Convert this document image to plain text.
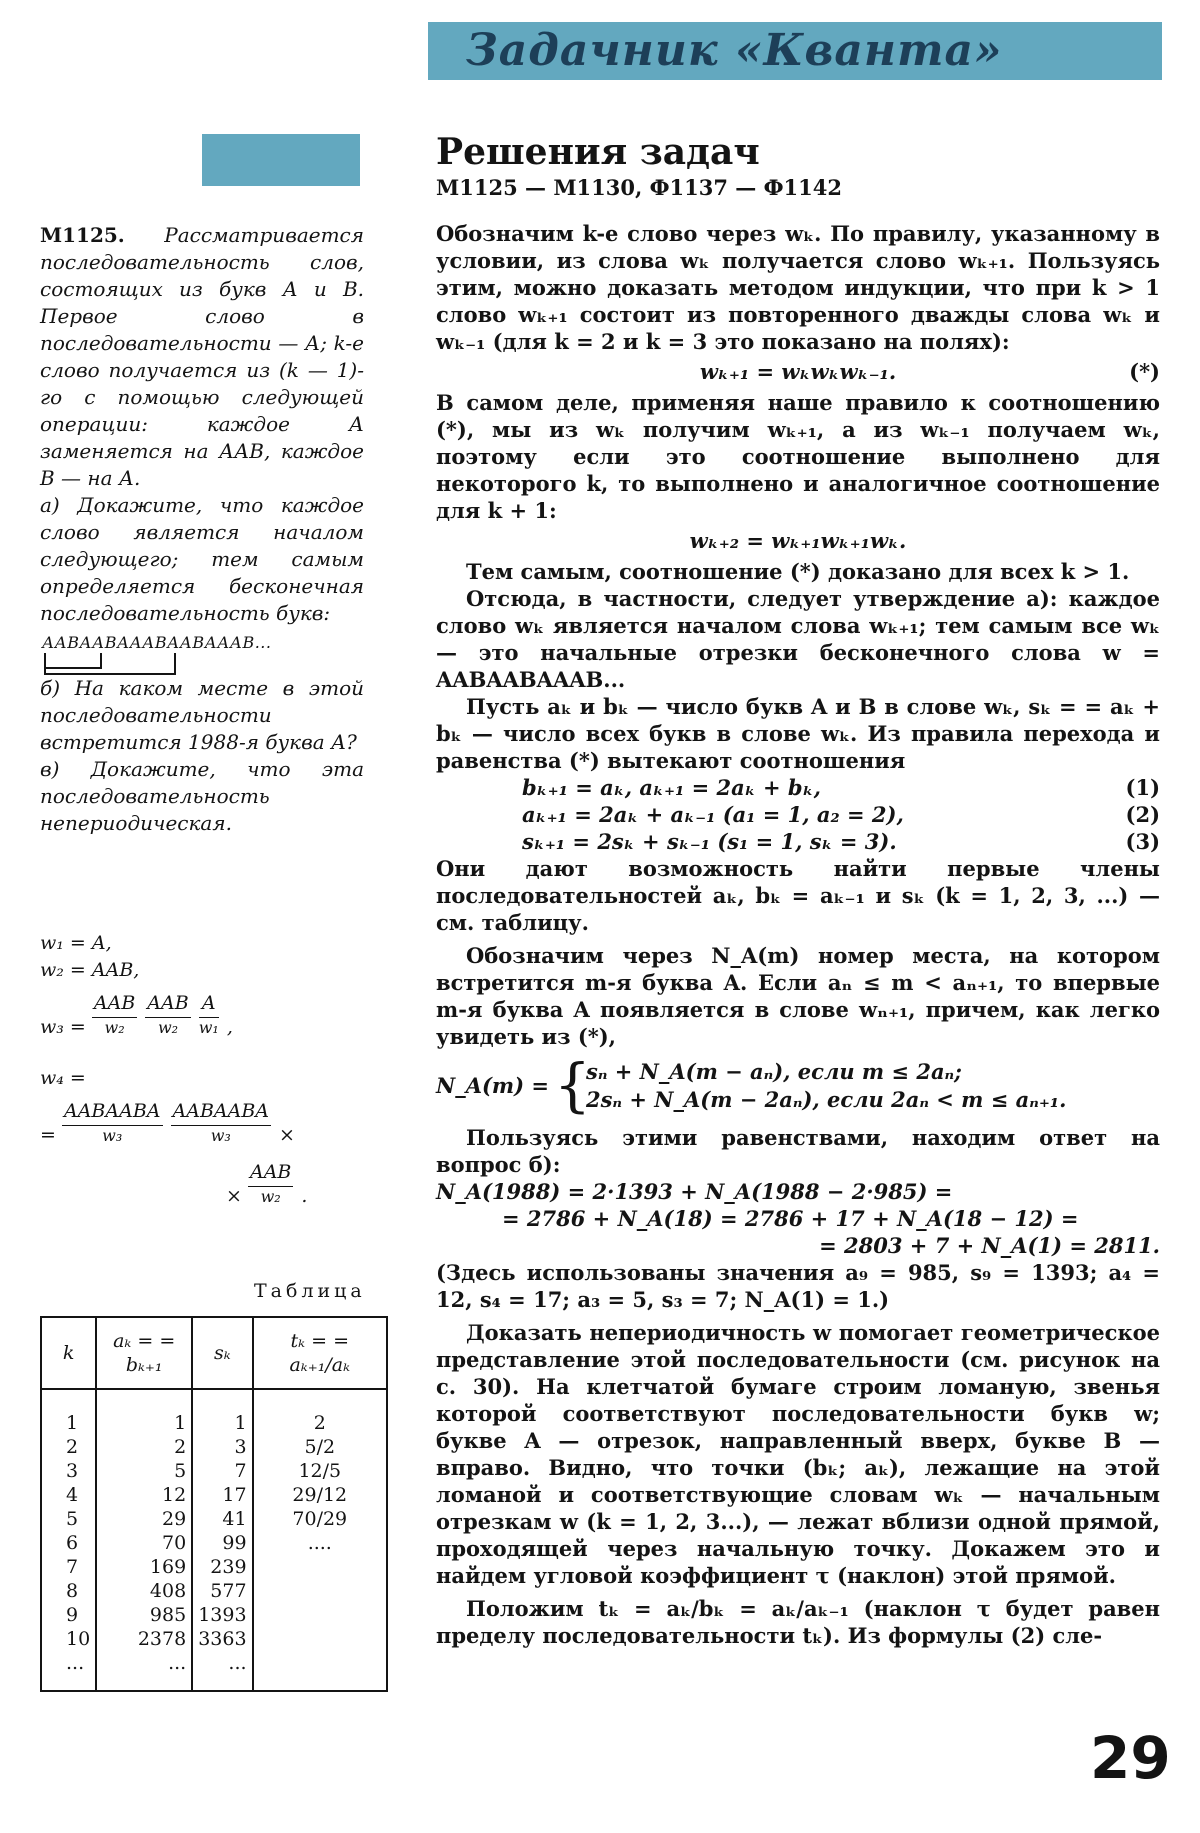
Задачник «Кванта»
Решения задач
М1125 — М1130, Ф1137 — Ф1142

М1125. Рассматривается последовательность слов, состоящих из букв А и В. Первое слово в последовательности — А; k-е слово получается из (k — 1)-го с помощью следующей операции: каждое А заменяется на ААВ, каждое В — на А.

а) Докажите, что каждое слово является началом следующего; тем самым определяется бесконечная последовательность букв:

ААВААВАААВААВАААВ...

б) На каком месте в этой последовательности встретится 1988-я буква А?

в) Докажите, что эта последовательность непериодическая.

w₁ = A,
w₂ = AAB,
w₃ =
AAB
w₂
AAB
w₂
A
w₁ ,
w₄ =
=
AABAABA
w₃
AABAABA
w₃	×
×
AAB
w₂	.
Таблица
k	aₖ = = bₖ₊₁	sₖ	tₖ = = aₖ₊₁/aₖ

1	1	1	2
2	2	3	5/2
3	5	7	12/5
4	12	17	29/12
5	29	41	70/29
6	70	99	....
7	169	239	
8	408	577	
9	985	1393	
10	2378	3363	
...	...	...	

Обозначим k-е слово через wₖ. По правилу, указанному в условии, из слова wₖ получается слово wₖ₊₁. Пользуясь этим, можно доказать методом индукции, что при k > 1 слово wₖ₊₁ состоит из повторенного дважды слова wₖ и wₖ₋₁ (для k = 2 и k = 3 это показано на полях):

wₖ₊₁ = wₖwₖwₖ₋₁.	(*)

В самом деле, применяя наше правило к соотношению (*), мы из wₖ получим wₖ₊₁, а из wₖ₋₁ получаем wₖ, поэтому если это соотношение выполнено для некоторого k, то выполнено и аналогичное соотношение для k + 1:

wₖ₊₂ = wₖ₊₁wₖ₊₁wₖ.

Тем самым, соотношение (*) доказано для всех k > 1.

Отсюда, в частности, следует утверждение а): каждое слово wₖ является началом слова wₖ₊₁; тем самым все wₖ — это начальные отрезки бесконечного слова w = AABAABAAAB...

Пусть aₖ и bₖ — число букв A и B в слове wₖ, sₖ = = aₖ + bₖ — число всех букв в слове wₖ. Из правила перехода и равенства (*) вытекают соотношения

bₖ₊₁ = aₖ, aₖ₊₁ = 2aₖ + bₖ,	(1)
aₖ₊₁ = 2aₖ + aₖ₋₁ (a₁ = 1, a₂ = 2),	(2)
sₖ₊₁ = 2sₖ + sₖ₋₁ (s₁ = 1, sₖ = 3).	(3)

Они дают возможность найти первые члены последовательностей aₖ, bₖ = aₖ₋₁ и sₖ (k = 1, 2, 3, ...) — см. таблицу.

Обозначим через N_A(m) номер места, на котором встретится m-я буква A. Если aₙ ≤ m < aₙ₊₁, то впервые m-я буква A появляется в слове wₙ₊₁, причем, как легко увидеть из (*),

N_A(m) = {
sₙ + N_A(m − aₙ), если m ≤ 2aₙ;
2sₙ + N_A(m − 2aₙ), если 2aₙ < m ≤ aₙ₊₁.

Пользуясь этими равенствами, находим ответ на вопрос б):

N_A(1988) = 2·1393 + N_A(1988 − 2·985) =
= 2786 + N_A(18) = 2786 + 17 + N_A(18 − 12) =
= 2803 + 7 + N_A(1) = 2811.

(Здесь использованы значения a₉ = 985, s₉ = 1393; a₄ = 12, s₄ = 17; a₃ = 5, s₃ = 7; N_A(1) = 1.)

Доказать непериодичность w помогает геометрическое представление этой последовательности (см. рисунок на с. 30). На клетчатой бумаге строим ломаную, звенья которой соответствуют последовательности букв w; букве A — отрезок, направленный вверх, букве B — вправо. Видно, что точки (bₖ; aₖ), лежащие на этой ломаной и соответствующие словам wₖ — начальным отрезкам w (k = 1, 2, 3...), — лежат вблизи одной прямой, проходящей через начальную точку. Докажем это и найдем угловой коэффициент τ (наклон) этой прямой.

Положим tₖ = aₖ/bₖ = aₖ/aₖ₋₁ (наклон τ будет равен пределу последовательности tₖ). Из формулы (2) сле-

29
